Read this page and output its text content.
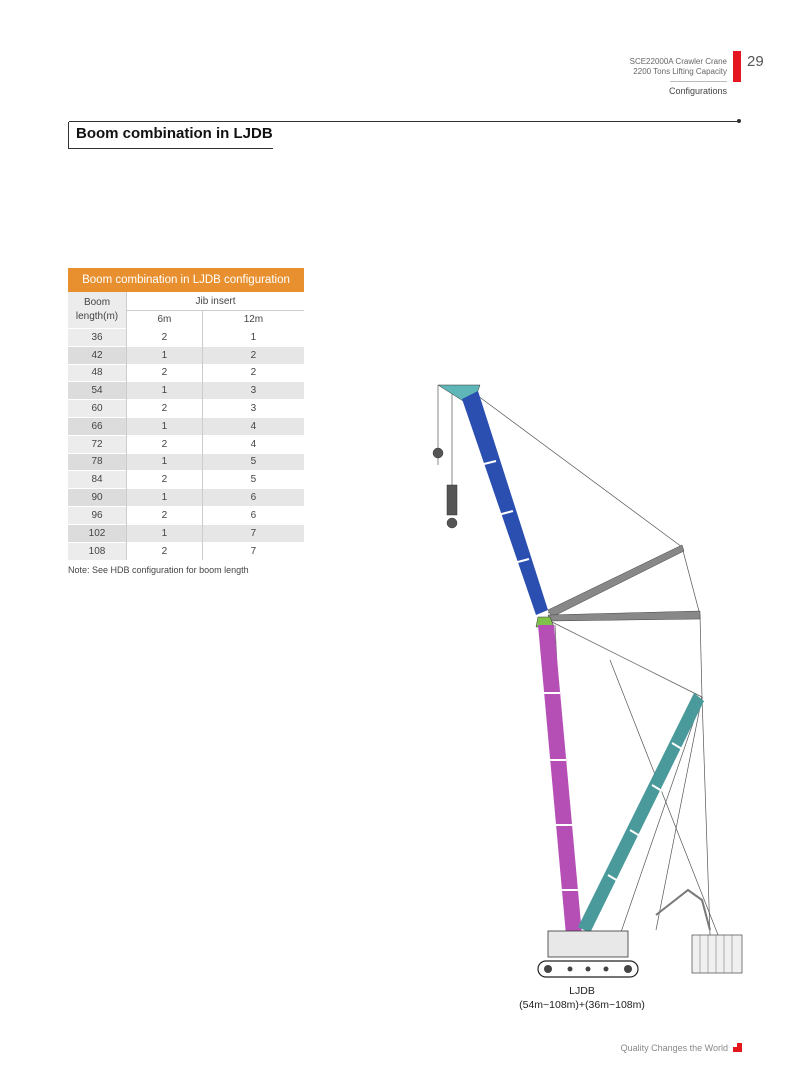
SCE22000A Crawler Crane
2200 Tons Lifting Capacity
Configurations
29
Boom combination in LJDB
Boom combination in LJDB configuration		
Boom length(m)	Jib insert	
	6m	12m
36	2	1
42	1	2
48	2	2
54	1	3
60	2	3
66	1	4
72	2	4
78	1	5
84	2	5
90	1	6
96	2	6
102	1	7
108	2	7
Note: See HDB configuration for boom length
LJDB
(54m~108m)+(36m~108m)
Quality Changes the World
